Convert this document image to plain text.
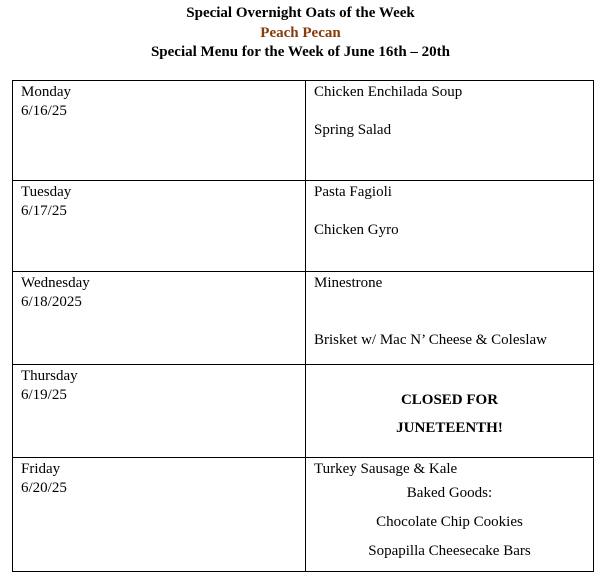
Special Overnight Oats of the Week
Peach Pecan
Special Menu for the Week of June 16th – 20th
Monday
6/16/25	Chicken Enchilada Soup
Spring Salad

Tuesday
6/17/25	Pasta Fagioli
Chicken Gyro

Wednesday
6/18/2025	Minestrone
Brisket w/ Mac N’ Cheese & Coleslaw

Thursday
6/19/25	CLOSED FOR
JUNETEENTH!

Friday
6/20/25	Turkey Sausage & Kale
Baked Goods:
Chocolate Chip Cookies
Sopapilla Cheesecake Bars
